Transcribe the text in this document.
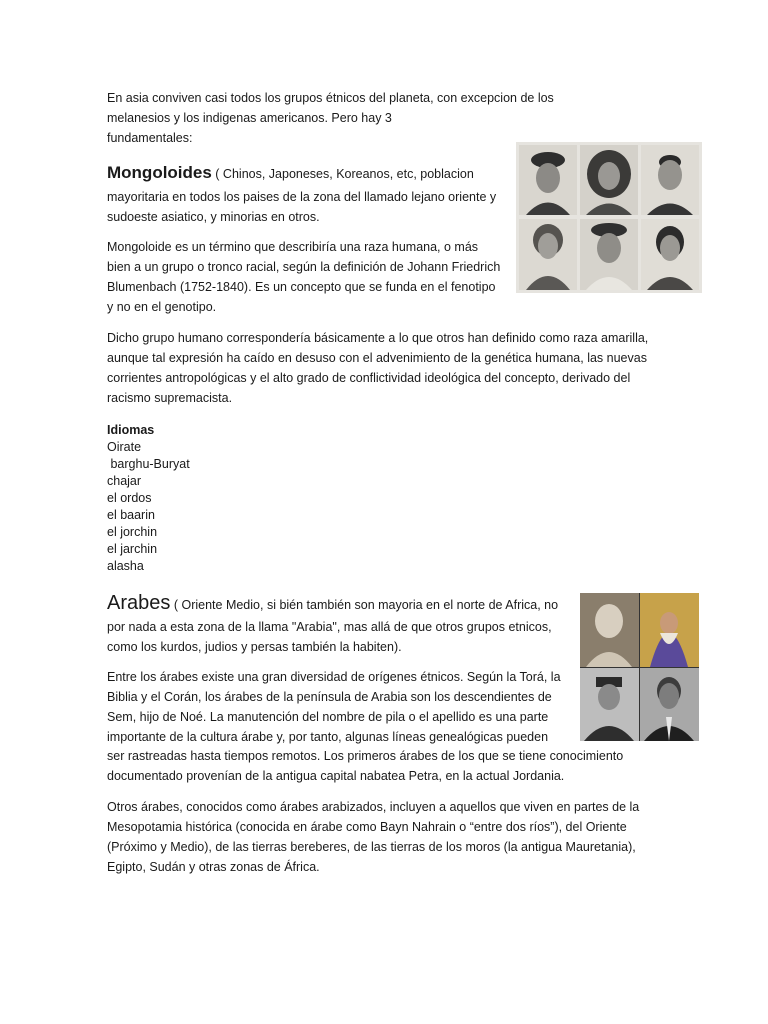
En asia conviven casi todos los grupos étnicos del planeta, con excepcion de los

melanesios y los indigenas americanos. Pero hay 3

fundamentales:

Mongoloides ( Chinos, Japoneses, Koreanos, etc, poblacion

mayoritaria en todos los paises de la zona del llamado lejano oriente y

sudoeste asiatico, y minorias en otros.

Mongoloide es un término que describiría una raza humana, o más

bien a un grupo o tronco racial, según la definición de Johann Friedrich

Blumenbach (1752-1840). Es un concepto que se funda en el fenotipo

y no en el genotipo.

Dicho grupo humano correspondería básicamente a lo que otros han definido como raza amarilla,

aunque tal expresión ha caído en desuso con el advenimiento de la genética humana, las nuevas

corrientes antropológicas y el alto grado de conflictividad ideológica del concepto, derivado del

racismo supremacista.

Idiomas
Oirate
barghu-Buryat
chajar
el ordos
el baarin
el jorchin
el jarchin
alasha
Arabes ( Oriente Medio, si bién también son mayoria en el norte de Africa, no

por nada a esta zona de la llama "Arabia", mas allá de que otros grupos etnicos,

como los kurdos, judios y persas también la habiten).

Entre los árabes existe una gran diversidad de orígenes étnicos. Según la Torá, la

Biblia y el Corán, los árabes de la península de Arabia son los descendientes de

Sem, hijo de Noé. La manutención del nombre de pila o el apellido es una parte

importante de la cultura árabe y, por tanto, algunas líneas genealógicas pueden

ser rastreadas hasta tiempos remotos. Los primeros árabes de los que se tiene conocimiento

documentado provenían de la antigua capital nabatea Petra, en la actual Jordania.

Otros árabes, conocidos como árabes arabizados, incluyen a aquellos que viven en partes de la

Mesopotamia histórica (conocida en árabe como Bayn Nahrain o “entre dos ríos”), del Oriente

(Próximo y Medio), de las tierras bereberes, de las tierras de los moros (la antigua Mauretania),

Egipto, Sudán y otras zonas de África.
